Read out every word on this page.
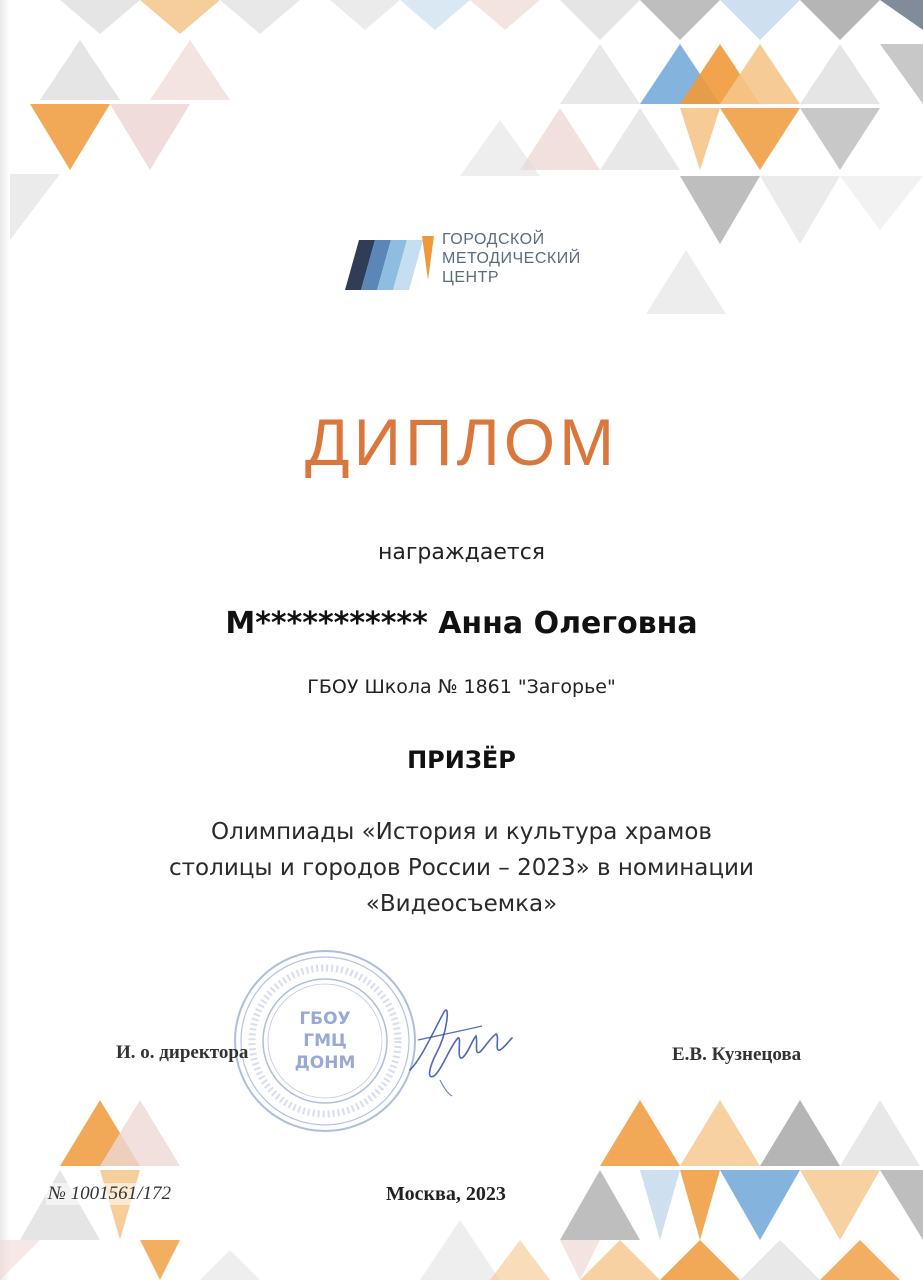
ГОРОДСКОЙ
МЕТОДИЧЕСКИЙ
ЦЕНТР
ДИПЛОМ
награждается
М*********** Анна Олеговна
ГБОУ Школа № 1861 "Загорье"
ПРИЗЁР
Олимпиады «История и культура храмов
столицы и городов России – 2023» в номинации
«Видеосъемка»
ГБОУ
ГМЦ
ДОНМ
И. о. директора	Е.В. Кузнецова
№ 1001561/172	Москва, 2023
